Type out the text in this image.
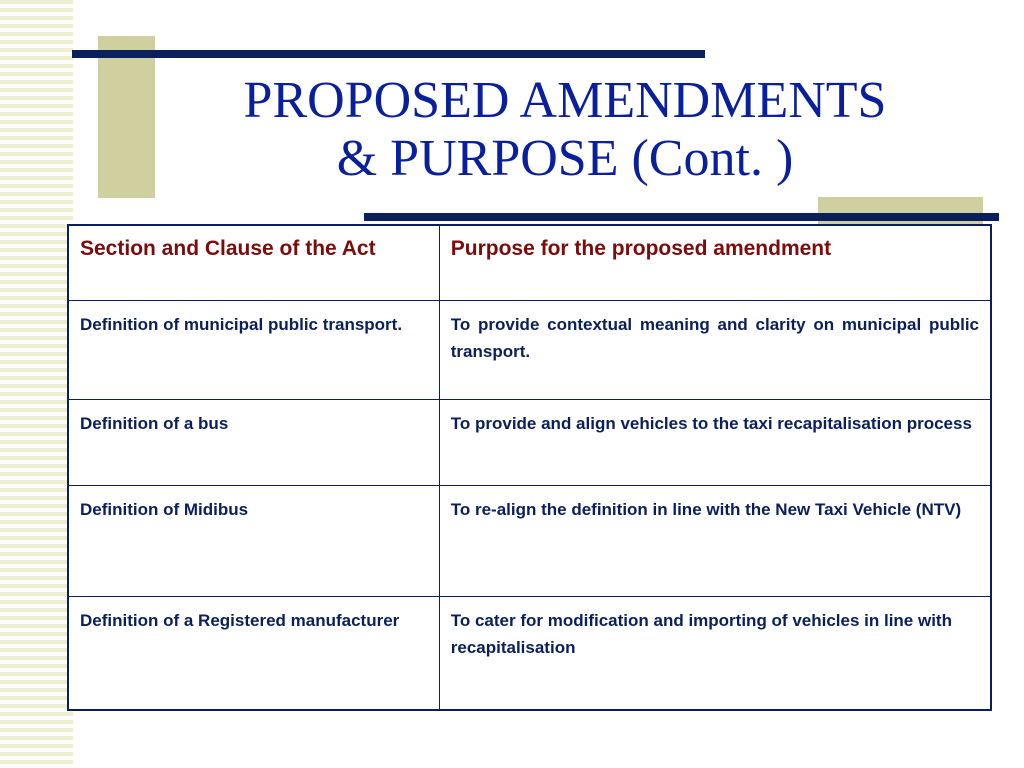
PROPOSED AMENDMENTS
& PURPOSE (Cont. )
Section and Clause of the Act	Purpose for the proposed amendment
Definition of municipal public transport.	To provide contextual meaning and clarity on municipal public transport.
Definition of a bus	To provide and align vehicles to the taxi recapitalisation process
Definition of Midibus	To re-align the definition in line with the New Taxi Vehicle (NTV)
Definition of a Registered manufacturer	To cater for modification and importing of vehicles in line with recapitalisation
